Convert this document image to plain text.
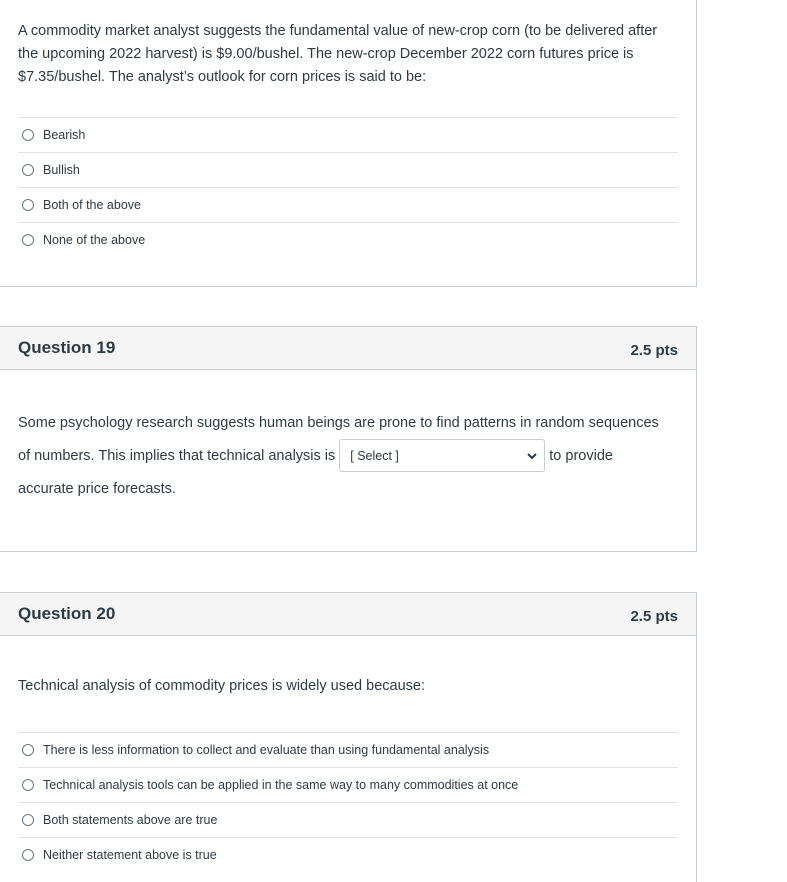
A commodity market analyst suggests the fundamental value of new-crop corn (to be delivered after the upcoming 2022 harvest) is $9.00/bushel. The new-crop December 2022 corn futures price is $7.35/bushel. The analyst’s outlook for corn prices is said to be:
Bearish
Bullish
Both of the above
None of the above
Question 19	2.5 pts
Some psychology research suggests human beings are prone to find patterns in random sequences
of numbers. This implies that technical analysis is [ Select ]	to provide
accurate price forecasts.
Question 20	2.5 pts
Technical analysis of commodity prices is widely used because:
There is less information to collect and evaluate than using fundamental analysis
Technical analysis tools can be applied in the same way to many commodities at once
Both statements above are true
Neither statement above is true
